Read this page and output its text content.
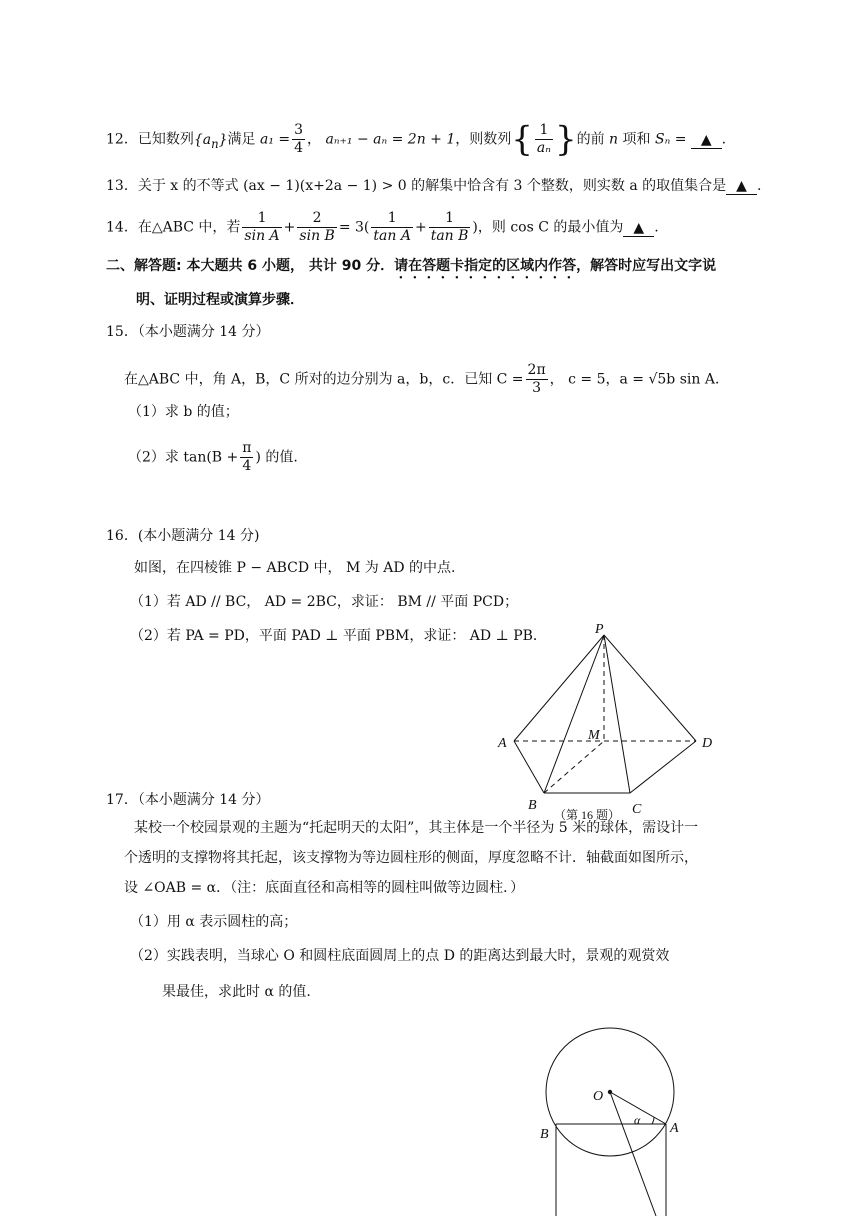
12．已知数列$\{a_n\}$满足 $a_1 = \frac{3}{4}$ ， aₙ₊₁ − aₙ = 2n + 1，则数列{ $\frac{1}{\text{aₙ}}$ }的前 n 项和 Sₙ = ▲ .
13．关于 x 的不等式 (ax − 1)(x+2a − 1) > 0 的解集中恰含有 3 个整数，则实数 a 的取值集合是 ▲ .
14．在△ABC 中，若 $\frac{1}{\text{sin A}} + \frac{2}{\text{sin B}} = 3( \frac{1}{\text{tan A}} + \frac{1}{\text{tan B}}$ )，则 cos C 的最小值为 ▲ .
二、解答题: 本大题共 6 小题， 共计 90 分．请在答题卡指定的区域内作答，解答时应写出文字说
明、证明过程或演算步骤．
15．（本小题满分 14 分）
在△ABC 中，角 A，B，C 所对的边分别为 a，b，c．已知 $C = \frac{2\pi}{3}$ ， c = 5，a = √5b sin A．
（1）求 b 的值；
（2）求 $\tan(B + \frac{\pi}{4}$ ) 的值.
16．(本小题满分 14 分)
如图，在四棱锥 P − ABCD 中， M 为 AD 的中点.
（1）若 AD // BC， AD = 2BC，求证： BM // 平面 PCD；
（2）若 PA = PD，平面 PAD ⊥ 平面 PBM，求证： AD ⊥ PB．	P
A
M
D
B	C
（第 16 题）
17．（本小题满分 14 分）
某校一个校园景观的主题为“托起明天的太阳”，其主体是一个半径为 5 米的球体，需设计一
个透明的支撑物将其托起，该支撑物为等边圆柱形的侧面，厚度忽略不计．轴截面如图所示，
设 ∠OAB = α．（注：底面直径和高相等的圆柱叫做等边圆柱．）
（1）用 α 表示圆柱的高；
（2）实践表明，当球心 O 和圆柱底面圆周上的点 D 的距离达到最大时，景观的观赏效
果最佳，求此时 α 的值.
O
B	A
α
